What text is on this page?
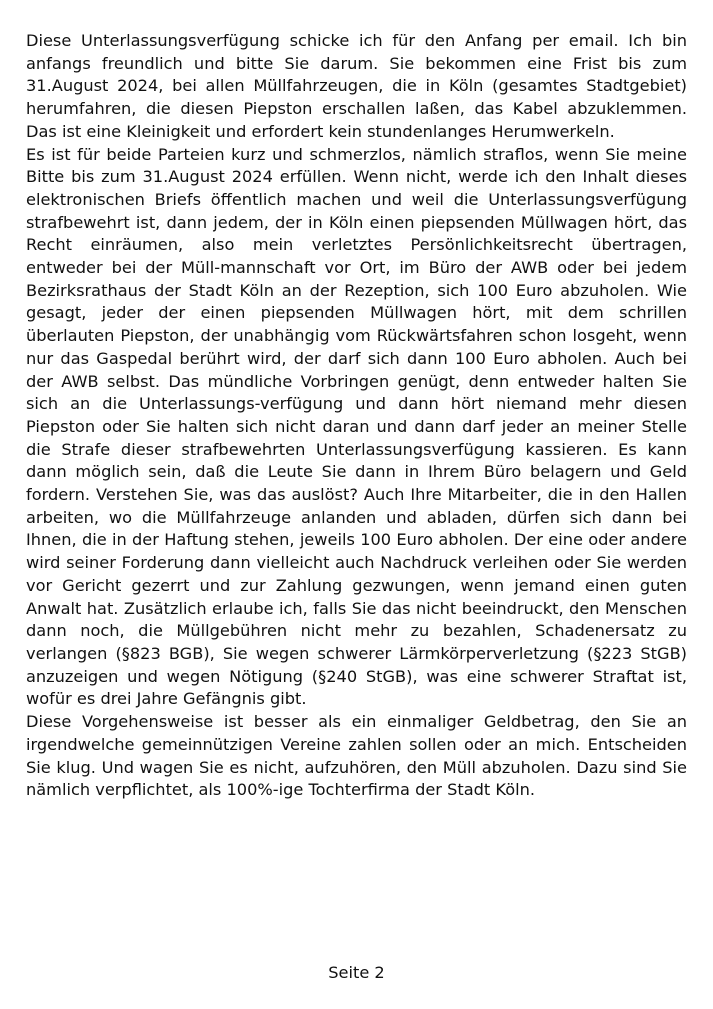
Diese Unterlassungsverfügung schicke ich für den Anfang per email. Ich bin anfangs freundlich und bitte Sie darum. Sie bekommen eine Frist bis zum 31.August 2024, bei allen Müllfahrzeugen, die in Köln (gesamtes Stadtgebiet) herumfahren, die diesen Piepston erschallen laßen, das Kabel abzuklemmen. Das ist eine Kleinigkeit und erfordert kein stundenlanges Herumwerkeln.

Es ist für beide Parteien kurz und schmerzlos, nämlich straflos, wenn Sie meine Bitte bis zum 31.August 2024 erfüllen. Wenn nicht, werde ich den Inhalt dieses elektronischen Briefs öffentlich machen und weil die Unterlassungsverfügung strafbewehrt ist, dann jedem, der in Köln einen piepsenden Müllwagen hört, das Recht einräumen, also mein verletztes Persönlichkeitsrecht übertragen, entweder bei der Müll-mannschaft vor Ort, im Büro der AWB oder bei jedem Bezirksrathaus der Stadt Köln an der Rezeption, sich 100 Euro abzuholen. Wie gesagt, jeder der einen piepsenden Müllwagen hört, mit dem schrillen überlauten Piepston, der unabhängig vom Rückwärtsfahren schon losgeht, wenn nur das Gaspedal berührt wird, der darf sich dann 100 Euro abholen. Auch bei der AWB selbst. Das mündliche Vorbringen genügt, denn entweder halten Sie sich an die Unterlassungs-verfügung und dann hört niemand mehr diesen Piepston oder Sie halten sich nicht daran und dann darf jeder an meiner Stelle die Strafe dieser strafbewehrten Unterlassungsverfügung kassieren. Es kann dann möglich sein, daß die Leute Sie dann in Ihrem Büro belagern und Geld fordern. Verstehen Sie, was das auslöst? Auch Ihre Mitarbeiter, die in den Hallen arbeiten, wo die Müllfahrzeuge anlanden und abladen, dürfen sich dann bei Ihnen, die in der Haftung stehen, jeweils 100 Euro abholen. Der eine oder andere wird seiner Forderung dann vielleicht auch Nachdruck verleihen oder Sie werden vor Gericht gezerrt und zur Zahlung gezwungen, wenn jemand einen guten Anwalt hat. Zusätzlich erlaube ich, falls Sie das nicht beeindruckt, den Menschen dann noch, die Müllgebühren nicht mehr zu bezahlen, Schadenersatz zu verlangen (§823 BGB), Sie wegen schwerer Lärmkörperverletzung (§223 StGB) anzuzeigen und wegen Nötigung (§240 StGB), was eine schwerer Straftat ist, wofür es drei Jahre Gefängnis gibt.

Diese Vorgehensweise ist besser als ein einmaliger Geldbetrag, den Sie an irgendwelche gemeinnützigen Vereine zahlen sollen oder an mich. Entscheiden Sie klug. Und wagen Sie es nicht, aufzuhören, den Müll abzuholen. Dazu sind Sie nämlich verpflichtet, als 100%-ige Tochterfirma der Stadt Köln.

Seite 2
